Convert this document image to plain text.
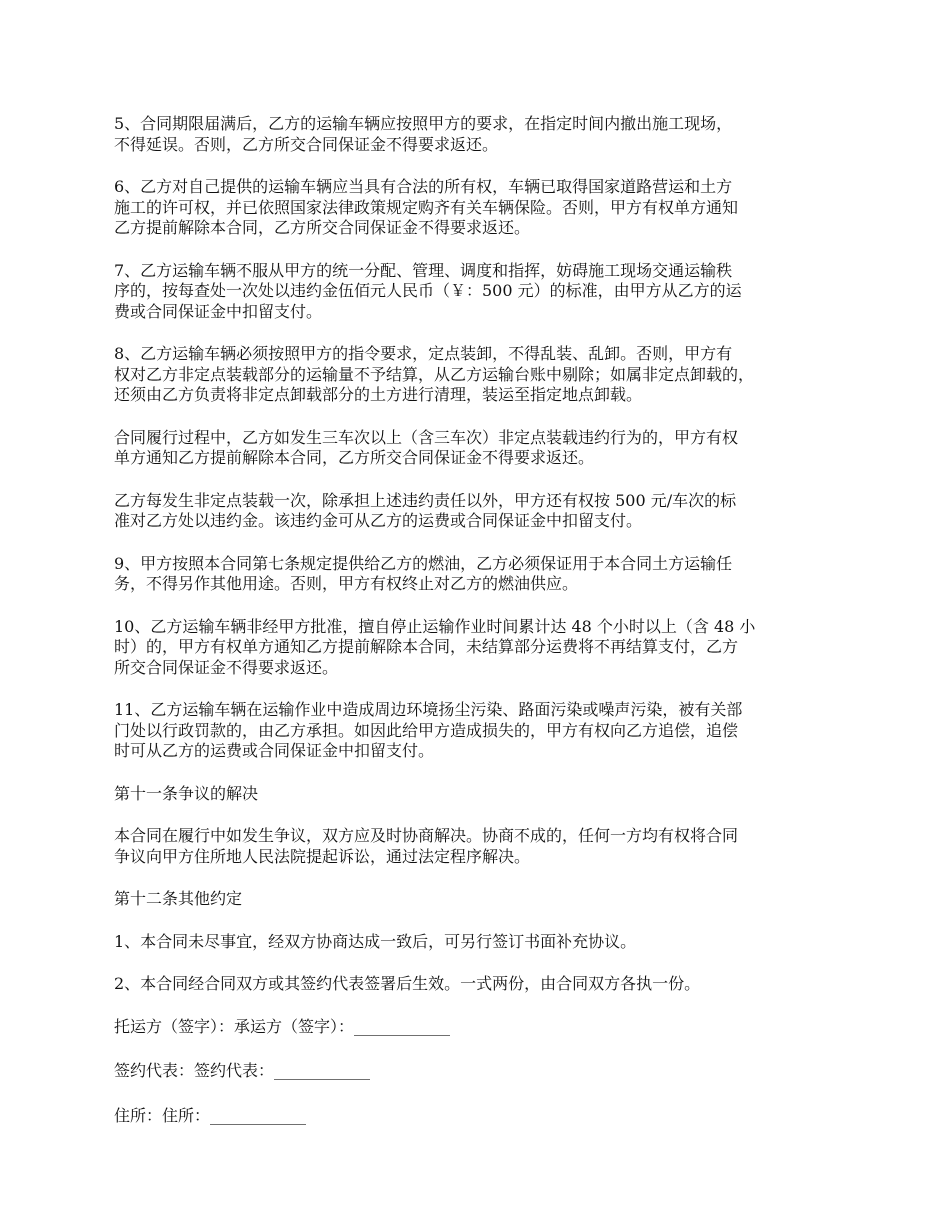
5、合同期限届满后，乙方的运输车辆应按照甲方的要求，在指定时间内撤出施工现场，
不得延误。否则，乙方所交合同保证金不得要求返还。

6、乙方对自己提供的运输车辆应当具有合法的所有权，车辆已取得国家道路营运和土方
施工的许可权，并已依照国家法律政策规定购齐有关车辆保险。否则，甲方有权单方通知
乙方提前解除本合同，乙方所交合同保证金不得要求返还。

7、乙方运输车辆不服从甲方的统一分配、管理、调度和指挥，妨碍施工现场交通运输秩
序的，按每查处一次处以违约金伍佰元人民币（￥：500 元）的标准，由甲方从乙方的运
费或合同保证金中扣留支付。

8、乙方运输车辆必须按照甲方的指令要求，定点装卸，不得乱装、乱卸。否则，甲方有
权对乙方非定点装载部分的运输量不予结算，从乙方运输台账中剔除；如属非定点卸载的，
还须由乙方负责将非定点卸载部分的土方进行清理，装运至指定地点卸载。

合同履行过程中，乙方如发生三车次以上（含三车次）非定点装载违约行为的，甲方有权
单方通知乙方提前解除本合同，乙方所交合同保证金不得要求返还。

乙方每发生非定点装载一次，除承担上述违约责任以外，甲方还有权按 500 元/车次的标
准对乙方处以违约金。该违约金可从乙方的运费或合同保证金中扣留支付。

9、甲方按照本合同第七条规定提供给乙方的燃油，乙方必须保证用于本合同土方运输任
务，不得另作其他用途。否则，甲方有权终止对乙方的燃油供应。

10、乙方运输车辆非经甲方批准，擅自停止运输作业时间累计达 48 个小时以上（含 48 小
时）的，甲方有权单方通知乙方提前解除本合同，未结算部分运费将不再结算支付，乙方
所交合同保证金不得要求返还。

11、乙方运输车辆在运输作业中造成周边环境扬尘污染、路面污染或噪声污染，被有关部
门处以行政罚款的，由乙方承担。如因此给甲方造成损失的，甲方有权向乙方追偿，追偿
时可从乙方的运费或合同保证金中扣留支付。

第十一条争议的解决

本合同在履行中如发生争议，双方应及时协商解决。协商不成的，任何一方均有权将合同
争议向甲方住所地人民法院提起诉讼，通过法定程序解决。

第十二条其他约定

1、本合同未尽事宜，经双方协商达成一致后，可另行签订书面补充协议。

2、本合同经合同双方或其签约代表签署后生效。一式两份，由合同双方各执一份。

托运方（签字）：承运方（签字）：____________

签约代表：签约代表：____________

住所：住所：____________
